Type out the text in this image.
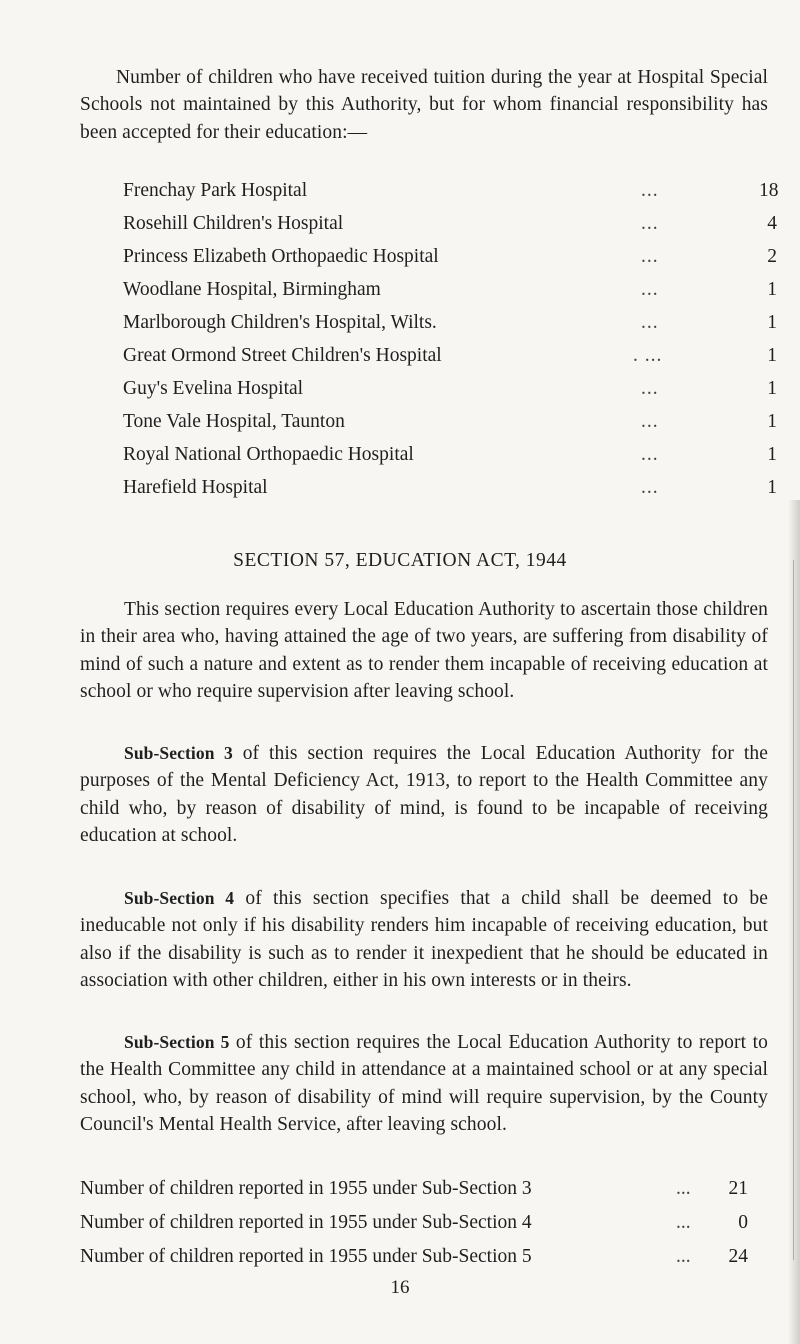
Number of children who have received tuition during the year at Hospital Special Schools not maintained by this Authority, but for whom financial responsibility has been accepted for their education:—

Frenchay Park Hospital	...	18
Rosehill Children's Hospital	...	4
Princess Elizabeth Orthopaedic Hospital	...	2
Woodlane Hospital, Birmingham	...	1
Marlborough Children's Hospital, Wilts.	...	1
Great Ormond Street Children's Hospital	. ...	1
Guy's Evelina Hospital	...	1
Tone Vale Hospital, Taunton	...	1
Royal National Orthopaedic Hospital	...	1
Harefield Hospital	...	1
SECTION 57, EDUCATION ACT, 1944

This section requires every Local Education Authority to ascertain those children in their area who, having attained the age of two years, are suffering from disability of mind of such a nature and extent as to render them incapable of receiving education at school or who require supervision after leaving school.

Sub-Section 3 of this section requires the Local Education Authority for the purposes of the Mental Deficiency Act, 1913, to report to the Health Committee any child who, by reason of disability of mind, is found to be incapable of receiving education at school.

Sub-Section 4 of this section specifies that a child shall be deemed to be ineducable not only if his disability renders him incapable of receiving education, but also if the disability is such as to render it inexpedient that he should be educated in association with other children, either in his own interests or in theirs.

Sub-Section 5 of this section requires the Local Education Authority to report to the Health Committee any child in attendance at a maintained school or at any special school, who, by reason of disability of mind will require supervision, by the County Council's Mental Health Service, after leaving school.

Number of children reported in 1955 under Sub-Section 3	...	21
Number of children reported in 1955 under Sub-Section 4	...	0
Number of children reported in 1955 under Sub-Section 5	...	24
16
